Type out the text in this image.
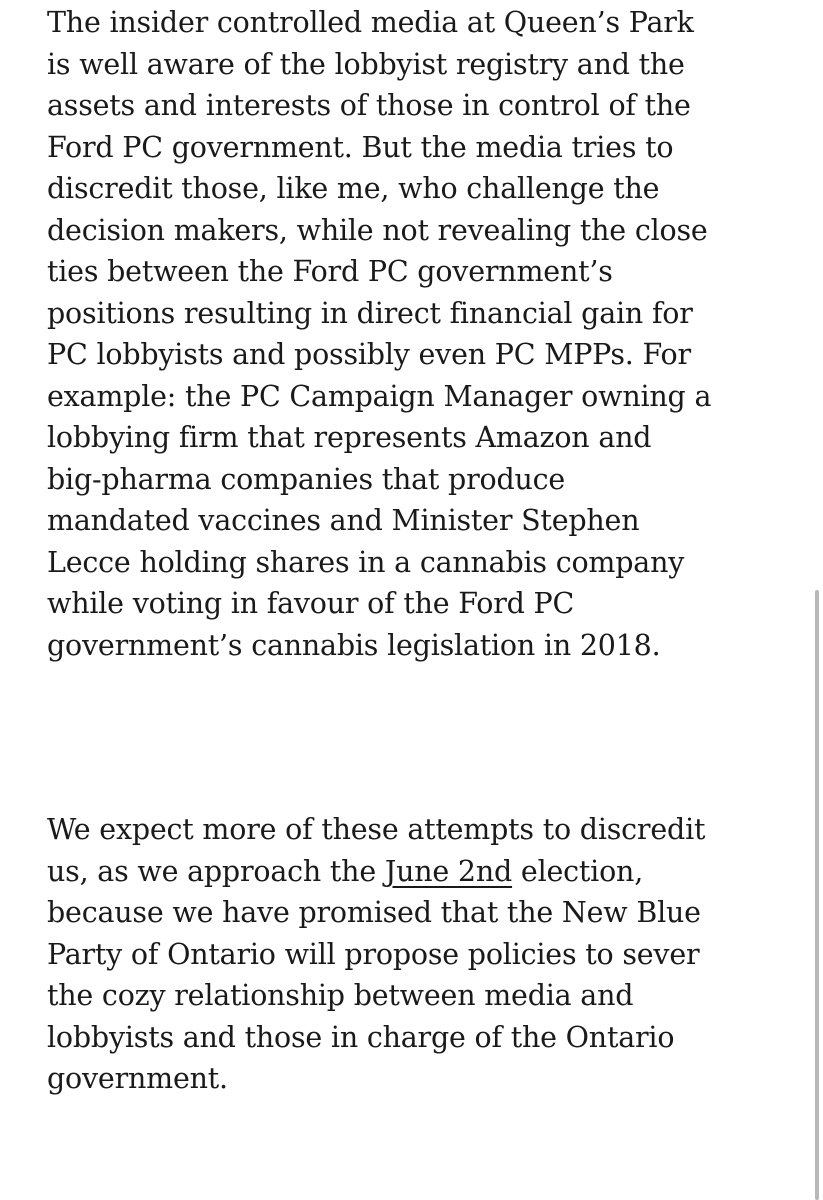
The insider controlled media at Queen’s Park
is well aware of the lobbyist registry and the
assets and interests of those in control of the
Ford PC government. But the media tries to
discredit those, like me, who challenge the
decision makers, while not revealing the close
ties between the Ford PC government’s
positions resulting in direct financial gain for
PC lobbyists and possibly even PC MPPs. For
example: the PC Campaign Manager owning a
lobbying firm that represents Amazon and
big-pharma companies that produce
mandated vaccines and Minister Stephen
Lecce holding shares in a cannabis company
while voting in favour of the Ford PC
government’s cannabis legislation in 2018.

We expect more of these attempts to discredit
us, as we approach the June 2nd election,
because we have promised that the New Blue
Party of Ontario will propose policies to sever
the cozy relationship between media and
lobbyists and those in charge of the Ontario
government.
